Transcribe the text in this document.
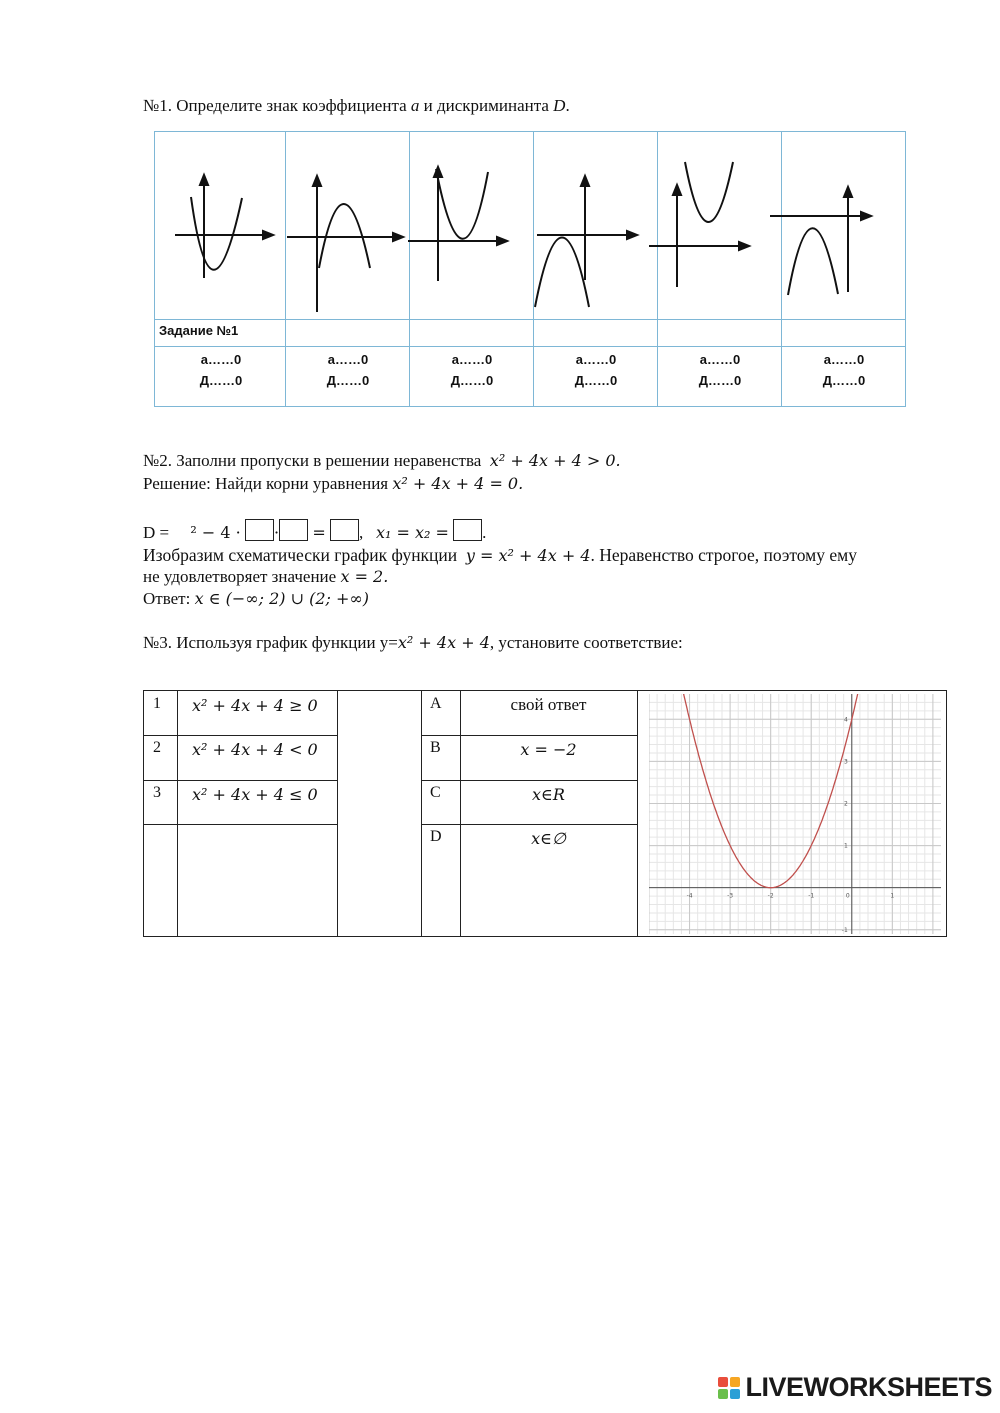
№1. Определите знак коэффициента a и дискриминанта D.
Задание №1
a……0
Д……0
a……0
Д……0
a……0
Д……0
a……0
Д……0
a……0
Д……0
a……0
Д……0
№2. Заполни пропуски в решении неравенства x² + 4x + 4 > 0.
Решение: Найди корни уравнения x² + 4x + 4 = 0.
D = ² − 4 · · = , x₁ = x₂ = .
Изобразим схематически график функции y = x² + 4x + 4. Неравенство строгое, поэтому ему
не удовлетворяет значение x = 2.
Ответ: x ∈ (−∞; 2) ∪ (2; +∞)
№3. Используя график функции y=x² + 4x + 4, установите соответствие:
1 x² + 4x + 4 ≥ 0
2 x² + 4x + 4 < 0
3 x² + 4x + 4 ≤ 0
A	свой ответ
B	x = −2
C	x∈R
D	x∈∅
-4	-3	-2	-1	0	1
4
3
2
1
-1
LIVEWORKSHEETS
